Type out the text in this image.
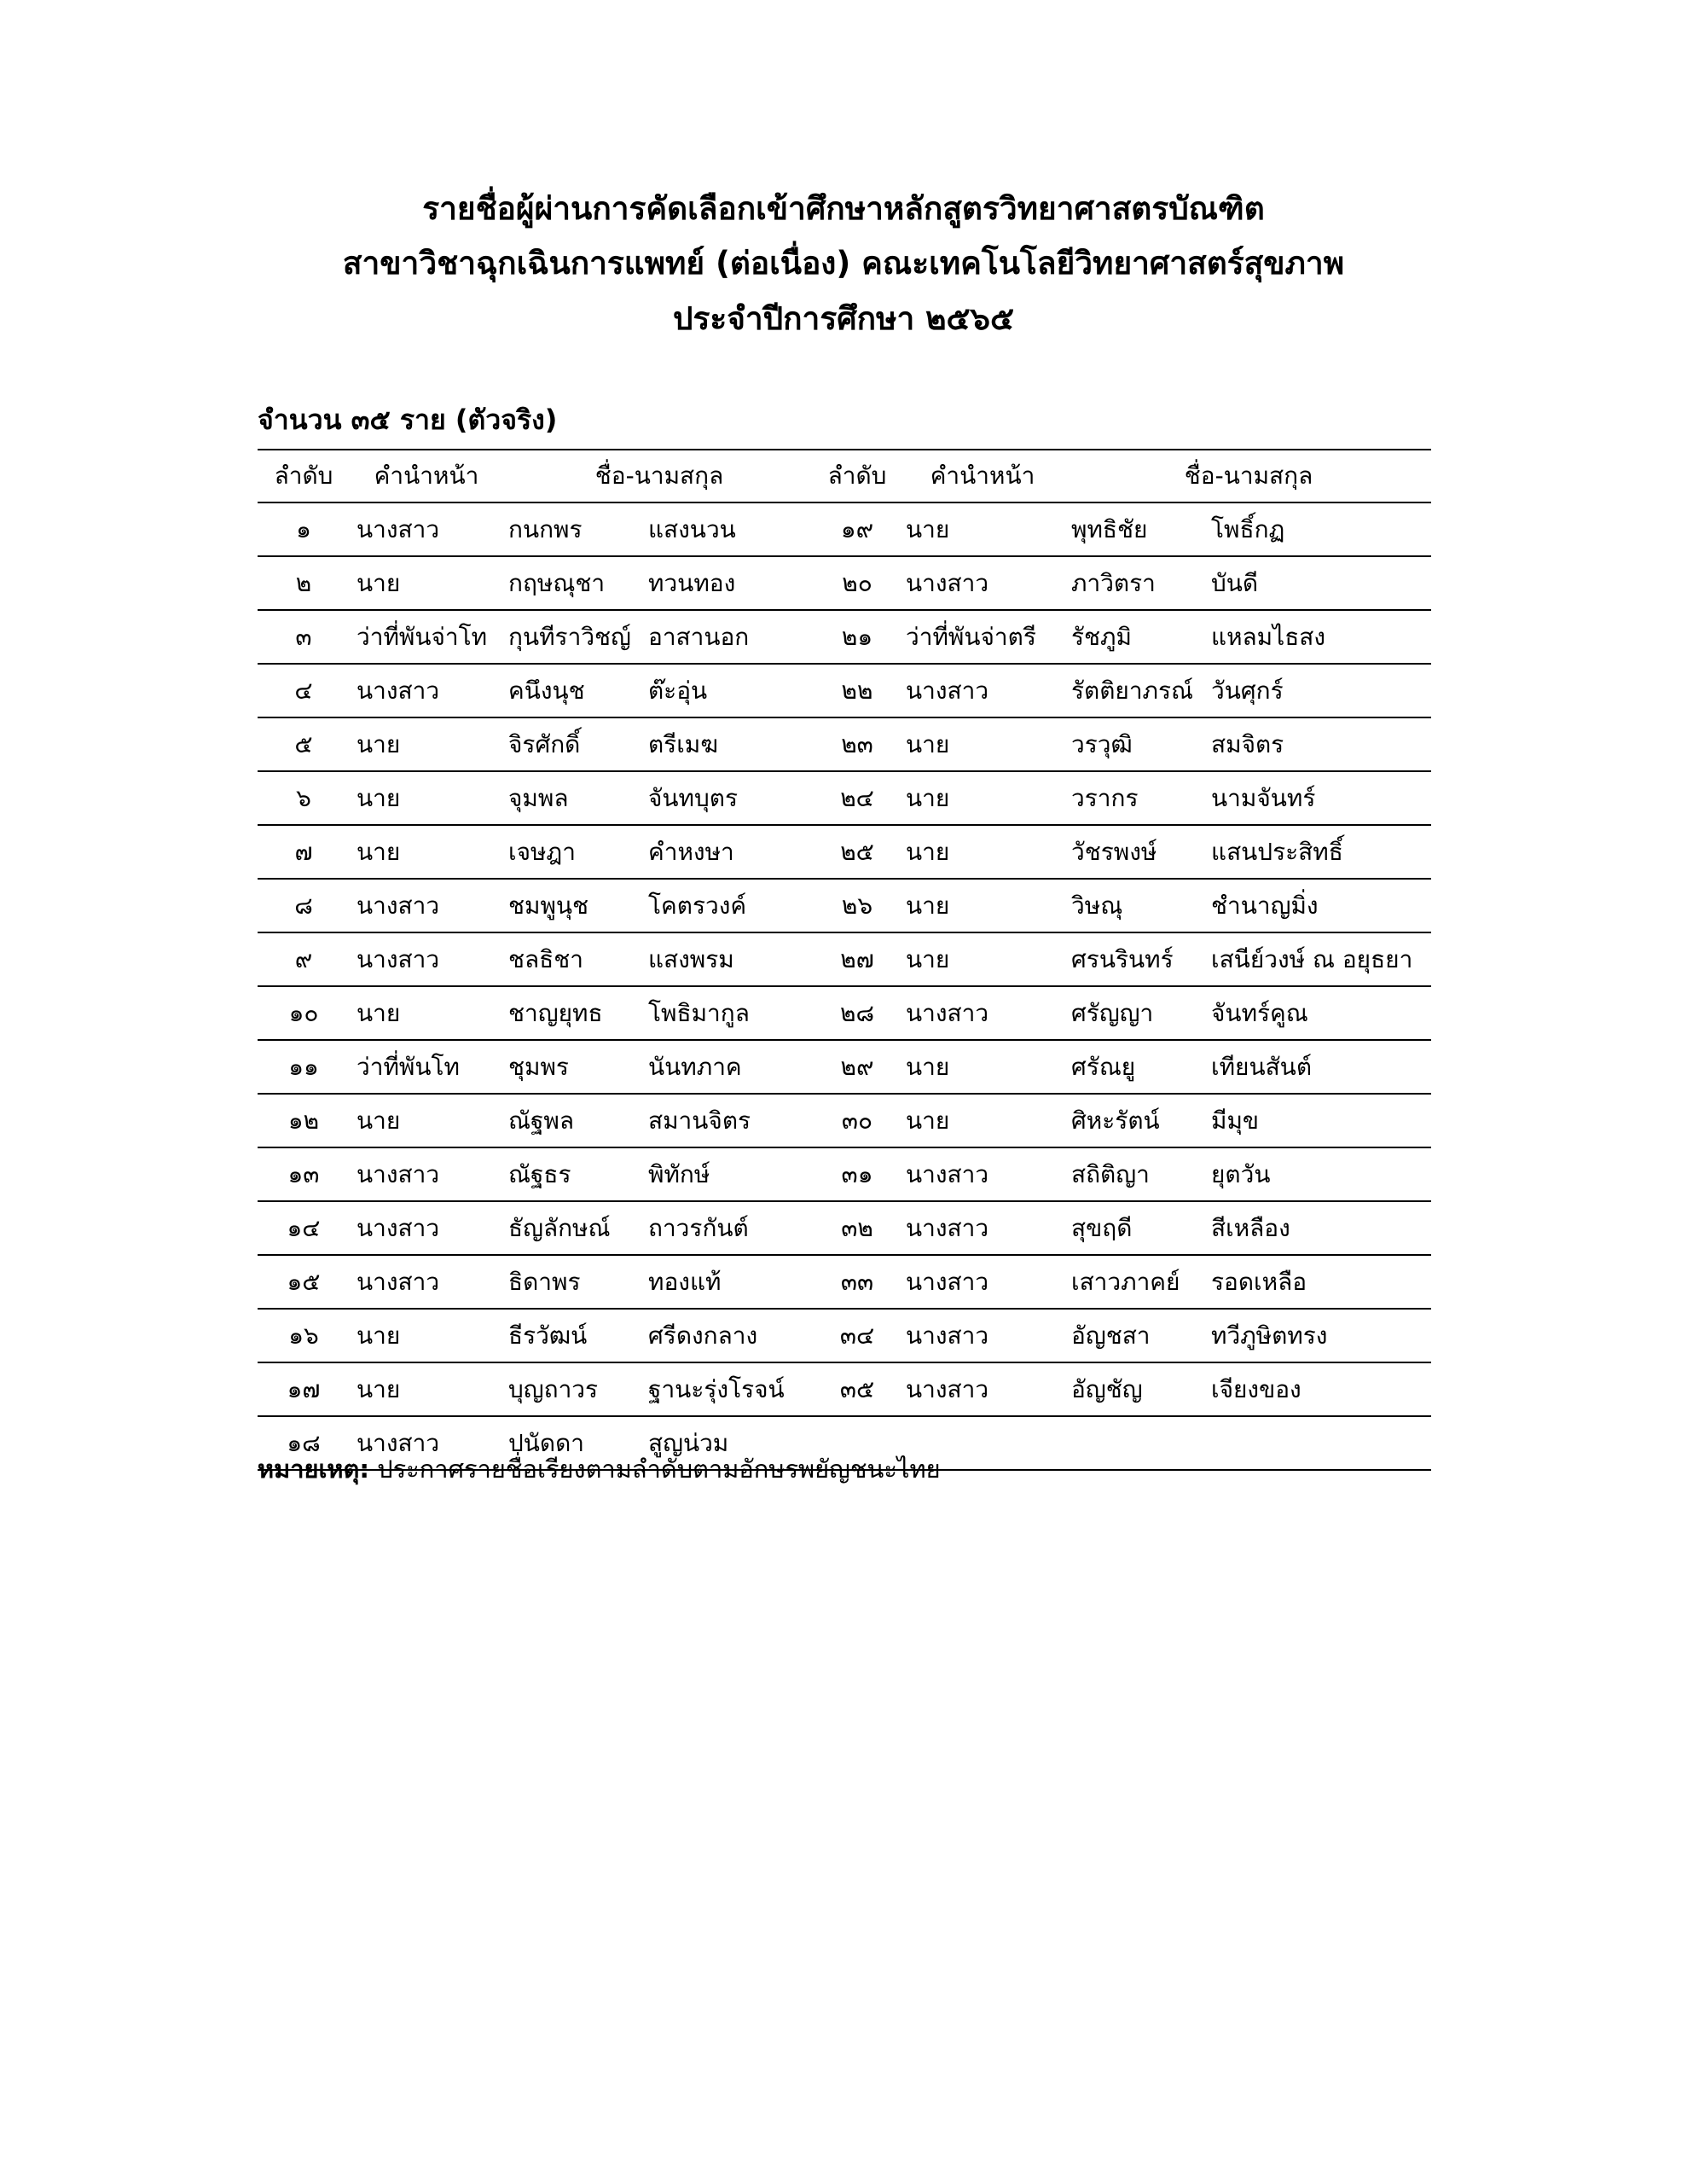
รายชื่อผู้ผ่านการคัดเลือกเข้าศึกษาหลักสูตรวิทยาศาสตรบัณฑิต
สาขาวิชาฉุกเฉินการแพทย์ (ต่อเนื่อง) คณะเทคโนโลยีวิทยาศาสตร์สุขภาพ
ประจำปีการศึกษา ๒๕๖๕
จำนวน ๓๕ ราย (ตัวจริง)
ลำดับ	คำนำหน้า	ชื่อ-นามสกุล		ลำดับ	คำนำหน้า	ชื่อ-นามสกุล	
๑	นางสาว	กนกพร	แสงนวน	๑๙	นาย	พุทธิชัย	โพธิ์กฏ
๒	นาย	กฤษณุชา	ทวนทอง	๒๐	นางสาว	ภาวิตรา	บันดี
๓	ว่าที่พันจ่าโท	กุนทีราวิชญ์	อาสานอก	๒๑	ว่าที่พันจ่าตรี	รัชภูมิ	แหลมไธสง
๔	นางสาว	คนึงนุช	ต๊ะอุ่น	๒๒	นางสาว	รัตติยาภรณ์	วันศุกร์
๕	นาย	จิรศักดิ์	ตรีเมฆ	๒๓	นาย	วรวุฒิ	สมจิตร
๖	นาย	จุมพล	จันทบุตร	๒๔	นาย	วรากร	นามจันทร์
๗	นาย	เจษฎา	คำหงษา	๒๕	นาย	วัชรพงษ์	แสนประสิทธิ์
๘	นางสาว	ชมพูนุช	โคตรวงค์	๒๖	นาย	วิษณุ	ชำนาญมิ่ง
๙	นางสาว	ชลธิชา	แสงพรม	๒๗	นาย	ศรนรินทร์	เสนีย์วงษ์ ณ อยุธยา
๑๐	นาย	ชาญยุทธ	โพธิมากูล	๒๘	นางสาว	ศรัญญา	จันทร์คูณ
๑๑	ว่าที่พันโท	ชุมพร	นันทภาค	๒๙	นาย	ศรัณยู	เทียนสันต์
๑๒	นาย	ณัฐพล	สมานจิตร	๓๐	นาย	ศิหะรัตน์	มีมุข
๑๓	นางสาว	ณัฐธร	พิทักษ์	๓๑	นางสาว	สถิติญา	ยุตวัน
๑๔	นางสาว	ธัญลักษณ์	ถาวรกันต์	๓๒	นางสาว	สุขฤดี	สีเหลือง
๑๕	นางสาว	ธิดาพร	ทองแท้	๓๓	นางสาว	เสาวภาคย์	รอดเหลือ
๑๖	นาย	ธีรวัฒน์	ศรีดงกลาง	๓๔	นางสาว	อัญชสา	ทวีภูษิตทรง
๑๗	นาย	บุญถาวร	ฐานะรุ่งโรจน์	๓๕	นางสาว	อัญชัญ	เจียงของ
๑๘	นางสาว	ปนัดดา	สูญน่วม				
หมายเหตุ: ประกาศรายชื่อเรียงตามลำดับตามอักษรพยัญชนะไทย
